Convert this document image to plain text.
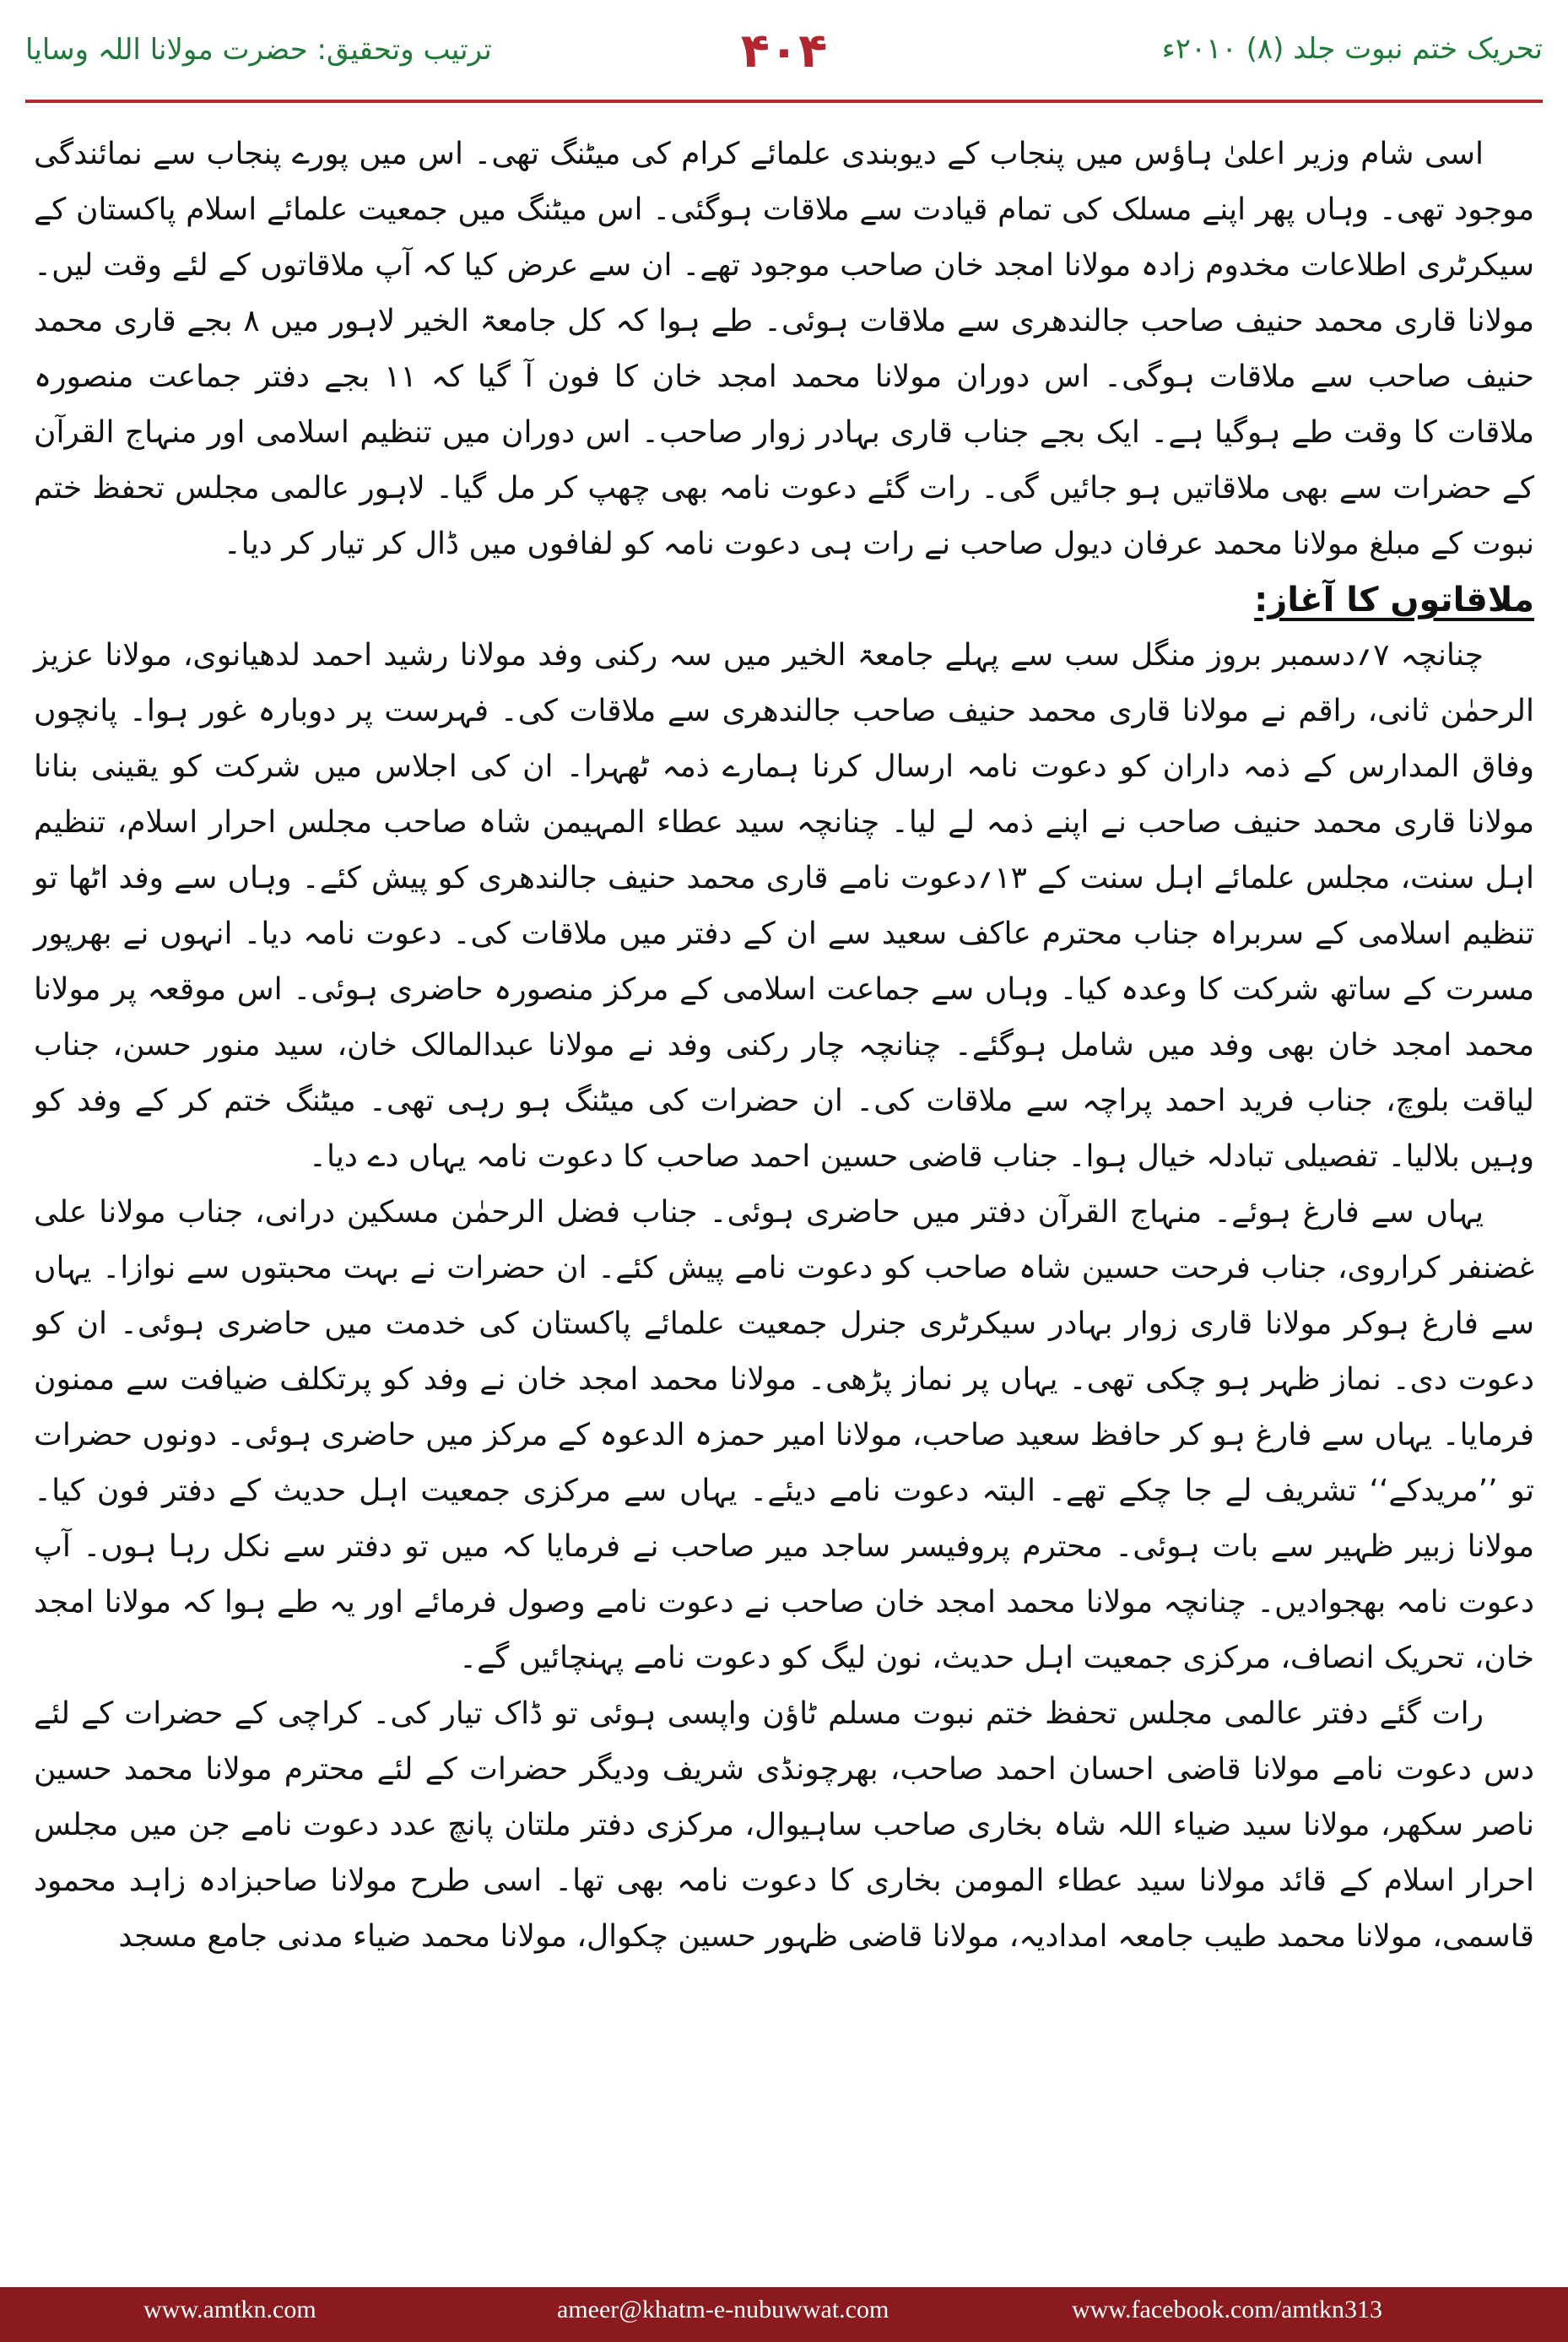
ترتیب وتحقیق: حضرت مولانا اللہ وسایا	۴۰۴	تحریک ختم نبوت جلد (۸) ۲۰۱۰ء

اسی شام وزیر اعلیٰ ہاؤس میں پنجاب کے دیوبندی علمائے کرام کی میٹنگ تھی۔ اس میں پورے پنجاب سے نمائندگی موجود تھی۔ وہاں پھر اپنے مسلک کی تمام قیادت سے ملاقات ہوگئی۔ اس میٹنگ میں جمعیت علمائے اسلام پاکستان کے سیکرٹری اطلاعات مخدوم زادہ مولانا امجد خان صاحب موجود تھے۔ ان سے عرض کیا کہ آپ ملاقاتوں کے لئے وقت لیں۔ مولانا قاری محمد حنیف صاحب جالندھری سے ملاقات ہوئی۔ طے ہوا کہ کل جامعۃ الخیر لاہور میں ۸ بجے قاری محمد حنیف صاحب سے ملاقات ہوگی۔ اس دوران مولانا محمد امجد خان کا فون آ گیا کہ ۱۱ بجے دفتر جماعت منصورہ ملاقات کا وقت طے ہوگیا ہے۔ ایک بجے جناب قاری بہادر زوار صاحب۔ اس دوران میں تنظیم اسلامی اور منہاج القرآن کے حضرات سے بھی ملاقاتیں ہو جائیں گی۔ رات گئے دعوت نامہ بھی چھپ کر مل گیا۔ لاہور عالمی مجلس تحفظ ختم نبوت کے مبلغ مولانا محمد عرفان دیول صاحب نے رات ہی دعوت نامہ کو لفافوں میں ڈال کر تیار کر دیا۔

ملاقاتوں کا آغاز:

چنانچہ ۷؍دسمبر بروز منگل سب سے پہلے جامعۃ الخیر میں سہ رکنی وفد مولانا رشید احمد لدھیانوی، مولانا عزیز الرحمٰن ثانی، راقم نے مولانا قاری محمد حنیف صاحب جالندھری سے ملاقات کی۔ فہرست پر دوبارہ غور ہوا۔ پانچوں وفاق المدارس کے ذمہ داران کو دعوت نامہ ارسال کرنا ہمارے ذمہ ٹھہرا۔ ان کی اجلاس میں شرکت کو یقینی بنانا مولانا قاری محمد حنیف صاحب نے اپنے ذمہ لے لیا۔ چنانچہ سید عطاء المہیمن شاہ صاحب مجلس احرار اسلام، تنظیم اہل سنت، مجلس علمائے اہل سنت کے ۱۳؍دعوت نامے قاری محمد حنیف جالندھری کو پیش کئے۔ وہاں سے وفد اٹھا تو تنظیم اسلامی کے سربراہ جناب محترم عاکف سعید سے ان کے دفتر میں ملاقات کی۔ دعوت نامہ دیا۔ انہوں نے بھرپور مسرت کے ساتھ شرکت کا وعدہ کیا۔ وہاں سے جماعت اسلامی کے مرکز منصورہ حاضری ہوئی۔ اس موقعہ پر مولانا محمد امجد خان بھی وفد میں شامل ہوگئے۔ چنانچہ چار رکنی وفد نے مولانا عبدالمالک خان، سید منور حسن، جناب لیاقت بلوچ، جناب فرید احمد پراچہ سے ملاقات کی۔ ان حضرات کی میٹنگ ہو رہی تھی۔ میٹنگ ختم کر کے وفد کو وہیں بلالیا۔ تفصیلی تبادلہ خیال ہوا۔ جناب قاضی حسین احمد صاحب کا دعوت نامہ یہاں دے دیا۔

یہاں سے فارغ ہوئے۔ منہاج القرآن دفتر میں حاضری ہوئی۔ جناب فضل الرحمٰن مسکین درانی، جناب مولانا علی غضنفر کراروی، جناب فرحت حسین شاہ صاحب کو دعوت نامے پیش کئے۔ ان حضرات نے بہت محبتوں سے نوازا۔ یہاں سے فارغ ہوکر مولانا قاری زوار بہادر سیکرٹری جنرل جمعیت علمائے پاکستان کی خدمت میں حاضری ہوئی۔ ان کو دعوت دی۔ نماز ظہر ہو چکی تھی۔ یہاں پر نماز پڑھی۔ مولانا محمد امجد خان نے وفد کو پرتکلف ضیافت سے ممنون فرمایا۔ یہاں سے فارغ ہو کر حافظ سعید صاحب، مولانا امیر حمزہ الدعوہ کے مرکز میں حاضری ہوئی۔ دونوں حضرات تو ’’مریدکے‘‘ تشریف لے جا چکے تھے۔ البتہ دعوت نامے دیئے۔ یہاں سے مرکزی جمعیت اہل حدیث کے دفتر فون کیا۔ مولانا زبیر ظہیر سے بات ہوئی۔ محترم پروفیسر ساجد میر صاحب نے فرمایا کہ میں تو دفتر سے نکل رہا ہوں۔ آپ دعوت نامہ بھجوادیں۔ چنانچہ مولانا محمد امجد خان صاحب نے دعوت نامے وصول فرمائے اور یہ طے ہوا کہ مولانا امجد خان، تحریک انصاف، مرکزی جمعیت اہل حدیث، نون لیگ کو دعوت نامے پہنچائیں گے۔

رات گئے دفتر عالمی مجلس تحفظ ختم نبوت مسلم ٹاؤن واپسی ہوئی تو ڈاک تیار کی۔ کراچی کے حضرات کے لئے دس دعوت نامے مولانا قاضی احسان احمد صاحب، بھرچونڈی شریف ودیگر حضرات کے لئے محترم مولانا محمد حسین ناصر سکھر، مولانا سید ضیاء اللہ شاہ بخاری صاحب ساہیوال، مرکزی دفتر ملتان پانچ عدد دعوت نامے جن میں مجلس احرار اسلام کے قائد مولانا سید عطاء المومن بخاری کا دعوت نامہ بھی تھا۔ اسی طرح مولانا صاحبزادہ زاہد محمود قاسمی، مولانا محمد طیب جامعہ امدادیہ، مولانا قاضی ظہور حسین چکوال، مولانا محمد ضیاء مدنی جامع مسجد

www.amtkn.com	ameer@khatm-e-nubuwwat.com	www.facebook.com/amtkn313
